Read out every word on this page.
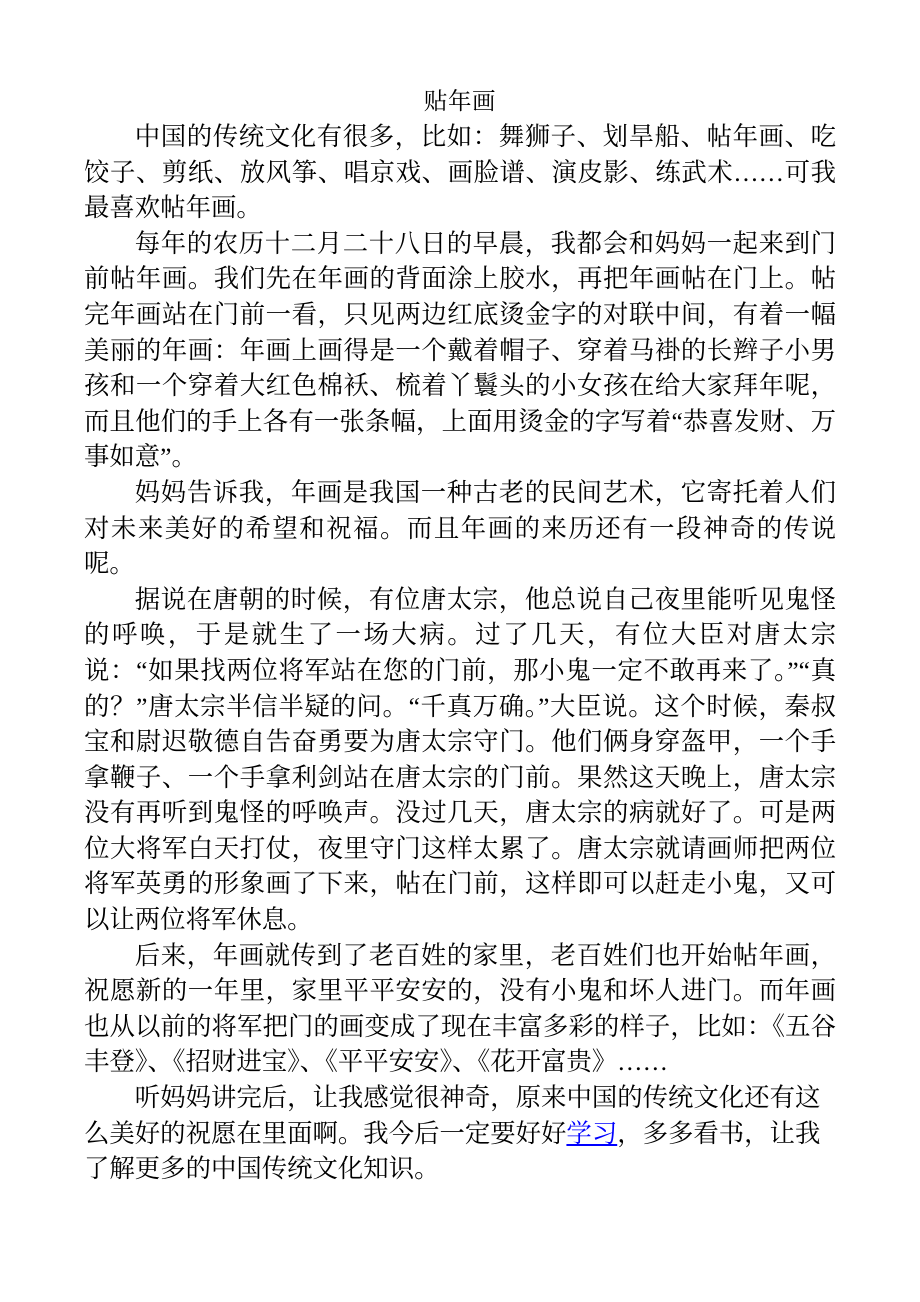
贴年画

中国的传统文化有很多，比如：舞狮子、划旱船、帖年画、吃饺子、剪纸、放风筝、唱京戏、画脸谱、演皮影、练武术……可我最喜欢帖年画。

每年的农历十二月二十八日的早晨，我都会和妈妈一起来到门前帖年画。我们先在年画的背面涂上胶水，再把年画帖在门上。帖完年画站在门前一看，只见两边红底烫金字的对联中间，有着一幅美丽的年画：年画上画得是一个戴着帽子、穿着马褂的长辫子小男孩和一个穿着大红色棉袄、梳着丫鬟头的小女孩在给大家拜年呢，而且他们的手上各有一张条幅，上面用烫金的字写着“恭喜发财、万事如意”。

妈妈告诉我，年画是我国一种古老的民间艺术，它寄托着人们对未来美好的希望和祝福。而且年画的来历还有一段神奇的传说呢。

据说在唐朝的时候，有位唐太宗，他总说自己夜里能听见鬼怪的呼唤，于是就生了一场大病。过了几天，有位大臣对唐太宗说：“如果找两位将军站在您的门前，那小鬼一定不敢再来了。”“真的？”唐太宗半信半疑的问。“千真万确。”大臣说。这个时候，秦叔宝和尉迟敬德自告奋勇要为唐太宗守门。他们俩身穿盔甲，一个手拿鞭子、一个手拿利剑站在唐太宗的门前。果然这天晚上，唐太宗没有再听到鬼怪的呼唤声。没过几天，唐太宗的病就好了。可是两位大将军白天打仗，夜里守门这样太累了。唐太宗就请画师把两位将军英勇的形象画了下来，帖在门前，这样即可以赶走小鬼，又可以让两位将军休息。

后来，年画就传到了老百姓的家里，老百姓们也开始帖年画，祝愿新的一年里，家里平平安安的，没有小鬼和坏人进门。而年画也从以前的将军把门的画变成了现在丰富多彩的样子，比如：《五谷丰登》、《招财进宝》、《平平安安》、《花开富贵》……

听妈妈讲完后，让我感觉很神奇，原来中国的传统文化还有这么美好的祝愿在里面啊。我今后一定要好好学习，多多看书，让我了解更多的中国传统文化知识。
